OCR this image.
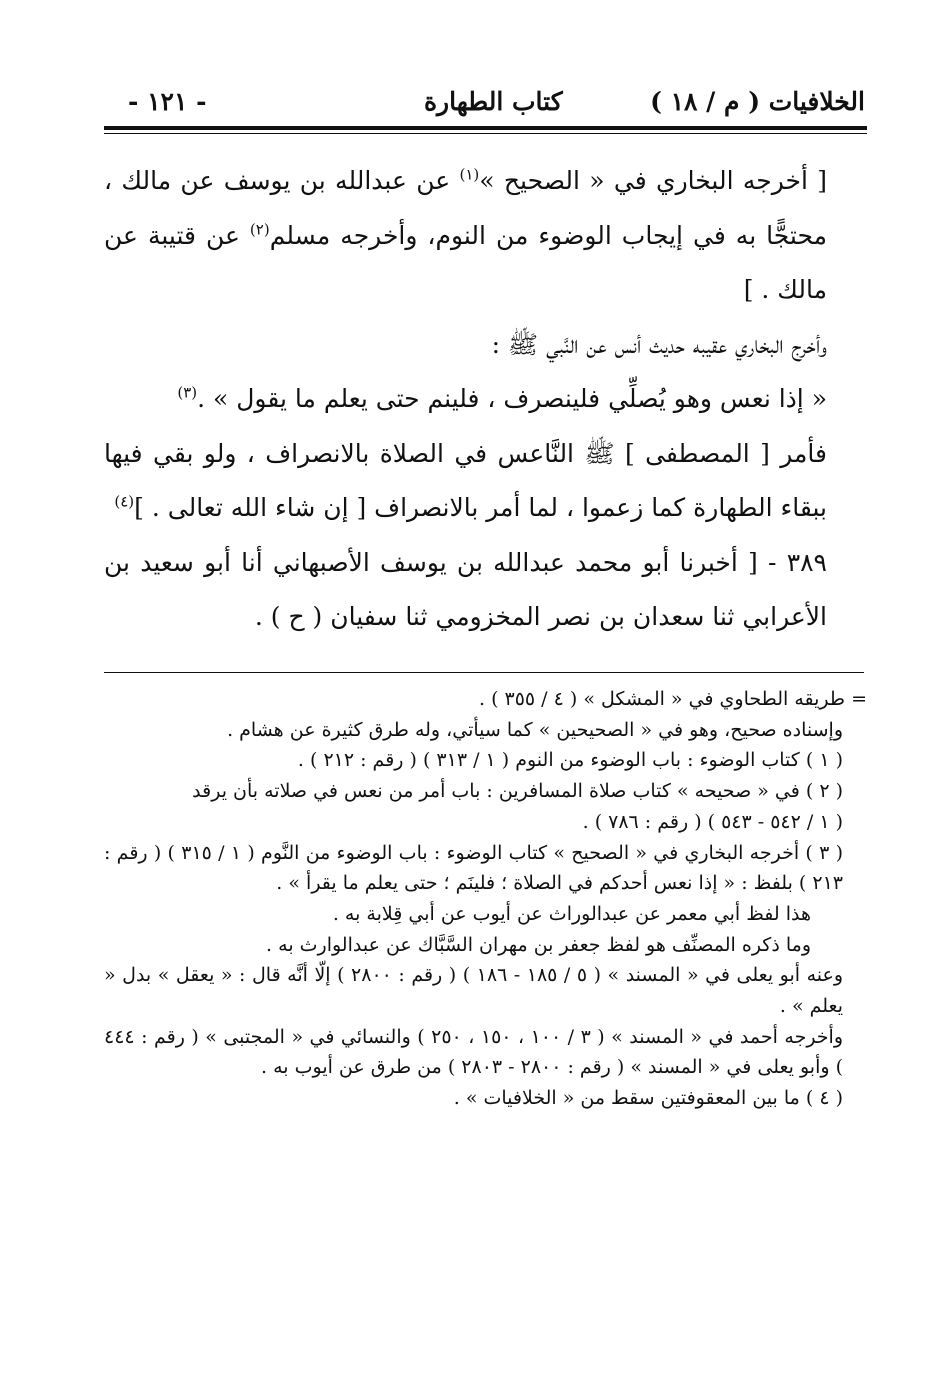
الخلافيات ( م / ١٨ )
كتاب الطهارة
- ١٢١ -

[ أخرجه البخاري في « الصحيح »$^{(١)}$ عن عبدالله بن يوسف عن مالك ، محتجًّا به في إيجاب الوضوء من النوم، وأخرجه مسلم$^{(٢)}$ عن قتيبة عن مالك . ]

وأخرج البخاري عقيبه حديث أنس عن النَّبي ﷺ :

« إذا نعس وهو يُصلِّي فلينصرف ، فلينم حتى يعلم ما يقول » .$^{(٣)}$

فأمر [ المصطفى ] ﷺ النَّاعس في الصلاة بالانصراف ، ولو بقي فيها ببقاء الطهارة كما زعموا ، لما أمر بالانصراف [ إن شاء الله تعالى . ]$^{(٤)}$

٣٨٩ - [ أخبرنا أبو محمد عبدالله بن يوسف الأصبهاني أنا أبو سعيد بن الأعرابي ثنا سعدان بن نصر المخزومي ثنا سفيان ( ح ) .

= طريقه الطحاوي في « المشكل » ( ٤ / ٣٥٥ ) .

وإسناده صحيح، وهو في « الصحيحين » كما سيأتي، وله طرق كثيرة عن هشام .

( ١ ) كتاب الوضوء : باب الوضوء من النوم ( ١ / ٣١٣ ) ( رقم : ٢١٢ ) .

( ٢ ) في « صحيحه » كتاب صلاة المسافرين : باب أمر من نعس في صلاته بأن يرقد

( ١ / ٥٤٢ - ٥٤٣ ) ( رقم : ٧٨٦ ) .

( ٣ ) أخرجه البخاري في « الصحيح » كتاب الوضوء : باب الوضوء من النَّوم ( ١ / ٣١٥ ) ( رقم : ٢١٣ ) بلفظ : « إذا نعس أحدكم في الصلاة ؛ فلينَم ؛ حتى يعلم ما يقرأ » .

هذا لفظ أبي معمر عن عبدالوراث عن أيوب عن أبي قِلابة به .

وما ذكره المصنِّف هو لفظ جعفر بن مهران السَّبَّاك عن عبدالوارث به .

وعنه أبو يعلى في « المسند » ( ٥ / ١٨٥ - ١٨٦ ) ( رقم : ٢٨٠٠ ) إلّا أنَّه قال : « يعقل » بدل « يعلم » .

وأخرجه أحمد في « المسند » ( ٣ / ١٠٠ ، ١٥٠ ، ٢٥٠ ) والنسائي في « المجتبى » ( رقم : ٤٤٤ ) وأبو يعلى في « المسند » ( رقم : ٢٨٠٠ - ٢٨٠٣ ) من طرق عن أيوب به .

( ٤ ) ما بين المعقوفتين سقط من « الخلافيات » .
